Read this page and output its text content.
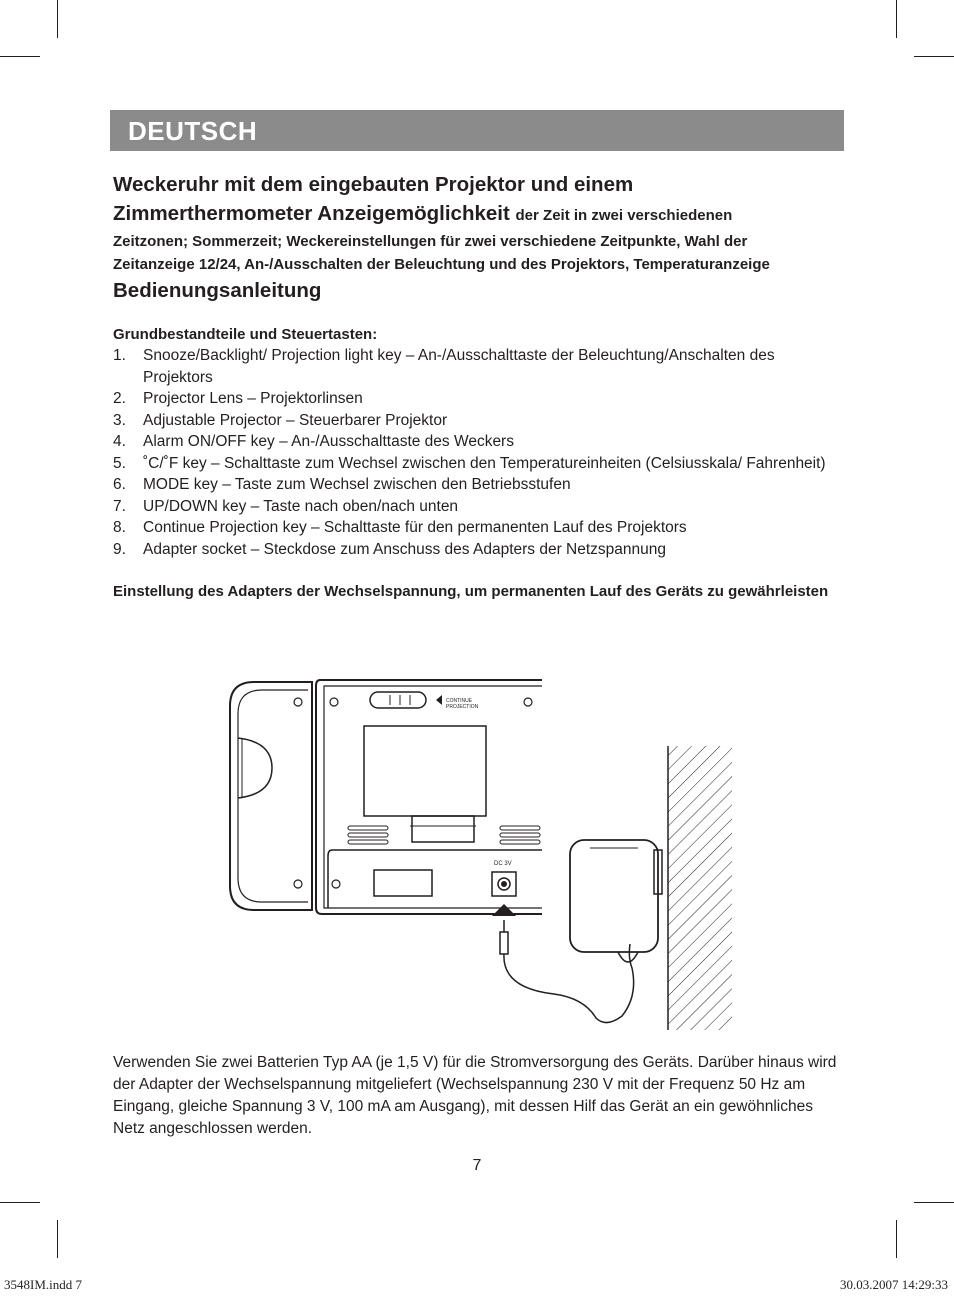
DEUTSCH

Weckeruhr mit dem eingebauten Projektor und einem
Zimmerthermometer Anzeigemöglichkeit der Zeit in zwei verschiedenen

Zeitzonen; Sommerzeit; Weckereinstellungen für zwei verschiedene Zeitpunkte, Wahl der

Zeitanzeige 12/24, An-/Ausschalten der Beleuchtung und des Projektors, Temperaturanzeige

Bedienungsanleitung

Grundbestandteile und Steuertasten:

1. Snooze/Backlight/ Projection light key – An-/Ausschalttaste der Beleuchtung/Anschalten des Projektors
2. Projector Lens – Projektorlinsen
3. Adjustable Projector – Steuerbarer Projektor
4. Alarm ON/OFF key – An-/Ausschalttaste des Weckers
5. ˚C/˚F key – Schalttaste zum Wechsel zwischen den Temperatureinheiten (Celsiusskala/ Fahrenheit)
6. MODE key – Taste zum Wechsel zwischen den Betriebsstufen
7. UP/DOWN key – Taste nach oben/nach unten
8. Continue Projection key – Schalttaste für den permanenten Lauf des Projektors
9. Adapter socket – Steckdose zum Anschuss des Adapters der Netzspannung

Einstellung des Adapters der Wechselspannung, um permanenten Lauf des Geräts zu gewährleisten

CONTINUE
PROJECTION
DC 3V

Verwenden Sie zwei Batterien Typ AA (je 1,5 V) für die Stromversorgung des Geräts. Darüber hinaus wird der Adapter der Wechselspannung mitgeliefert (Wechselspannung 230 V mit der Frequenz 50 Hz am Eingang, gleiche Spannung 3 V, 100 mA am Ausgang), mit dessen Hilf das Gerät an ein gewöhnliches Netz angeschlossen werden.

7
3548IM.indd 7	30.03.2007 14:29:33
